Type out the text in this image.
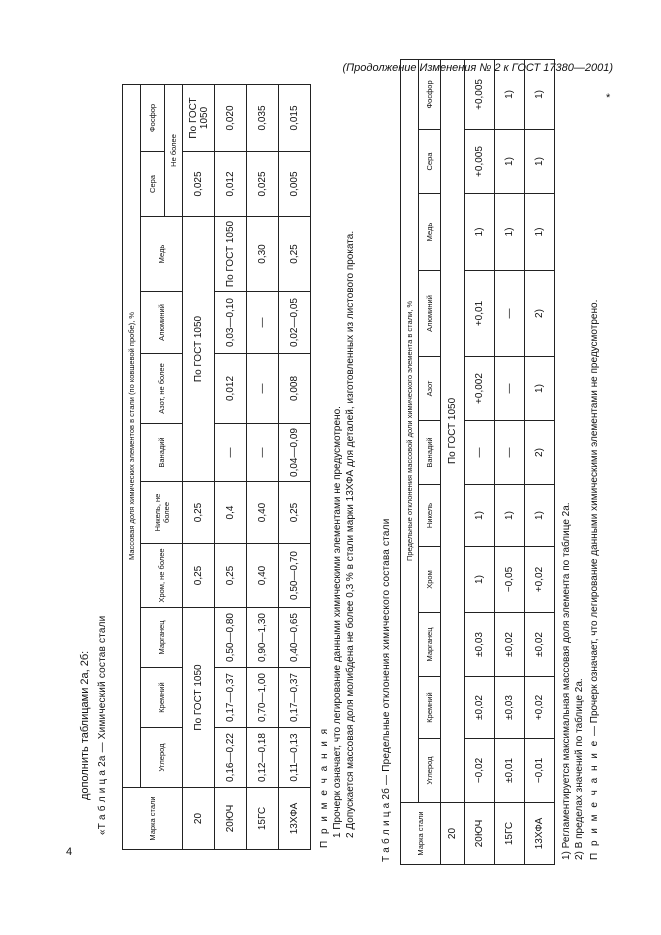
4
(Продолжение Изменения № 2 к ГОСТ 17380—2001)
*
дополнить таблицами 2а, 2б:
«Т а б л и ц а 2а — Химический состав стали
Марка стали	Массовая доля химических элементов в стали (по ковшевой пробе), %										
	Углерод	Кремний	Марганец	Хром, не более	Никель, не более	Ванадий	Азот, не более	Алюминий	Медь	Сера	Фосфор
										Не более	
20	По ГОСТ 1050			0,25	0,25	По ГОСТ 1050				0,025	По ГОСТ 1050
20ЮЧ	0,16—0,22	0,17—0,37	0,50—0,80	0,25	0,4	—	0,012	0,03—0,10	По ГОСТ 1050	0,012	0,020
15ГС	0,12—0,18	0,70—1,00	0,90—1,30	0,40	0,40	—	—	—	0,30	0,025	0,035
13ХФА	0,11—0,13	0,17—0,37	0,40—0,65	0,50—0,70	0,25	0,04—0,09	0,008	0,02—0,05	0,25	0,005	0,015

П р и м е ч а н и я 1 Прочерк означает, что легирование данными химическими элементами не предусмотрено. 2 Допускается массовая доля молибдена не более 0,3 % в стали марки 13ХФА для деталей, изготовленных из листового проката.	Т а б л и ц а 2б — Предельные отклонения химического состава стали
Марка стали	Предельные отклонения массовой доли химического элемента в стали, %										
	Углерод	Кремний	Марганец	Хром	Никель	Ванадий	Азот	Алюминий	Медь	Сера	Фосфор
20	По ГОСТ 1050										
20ЮЧ	−0,02	±0,02	±0,03	1)	1)	—	+0,002	+0,01	1)	+0,005	+0,005
15ГС	±0,01	±0,03	±0,02	−0,05	1)	—	—	—	1)	1)	1)
13ХФА	−0,01	+0,02	±0,02	+0,02	1)	2)	1)	2)	1)	1)	1)
1) Регламентируется максимальная массовая доля элемента по таблице 2а. 2) В пределах значений по таблице 2а. П р и м е ч а н и е — Прочерк означает, что легирование данными химическими элементами не предусмотрено.
